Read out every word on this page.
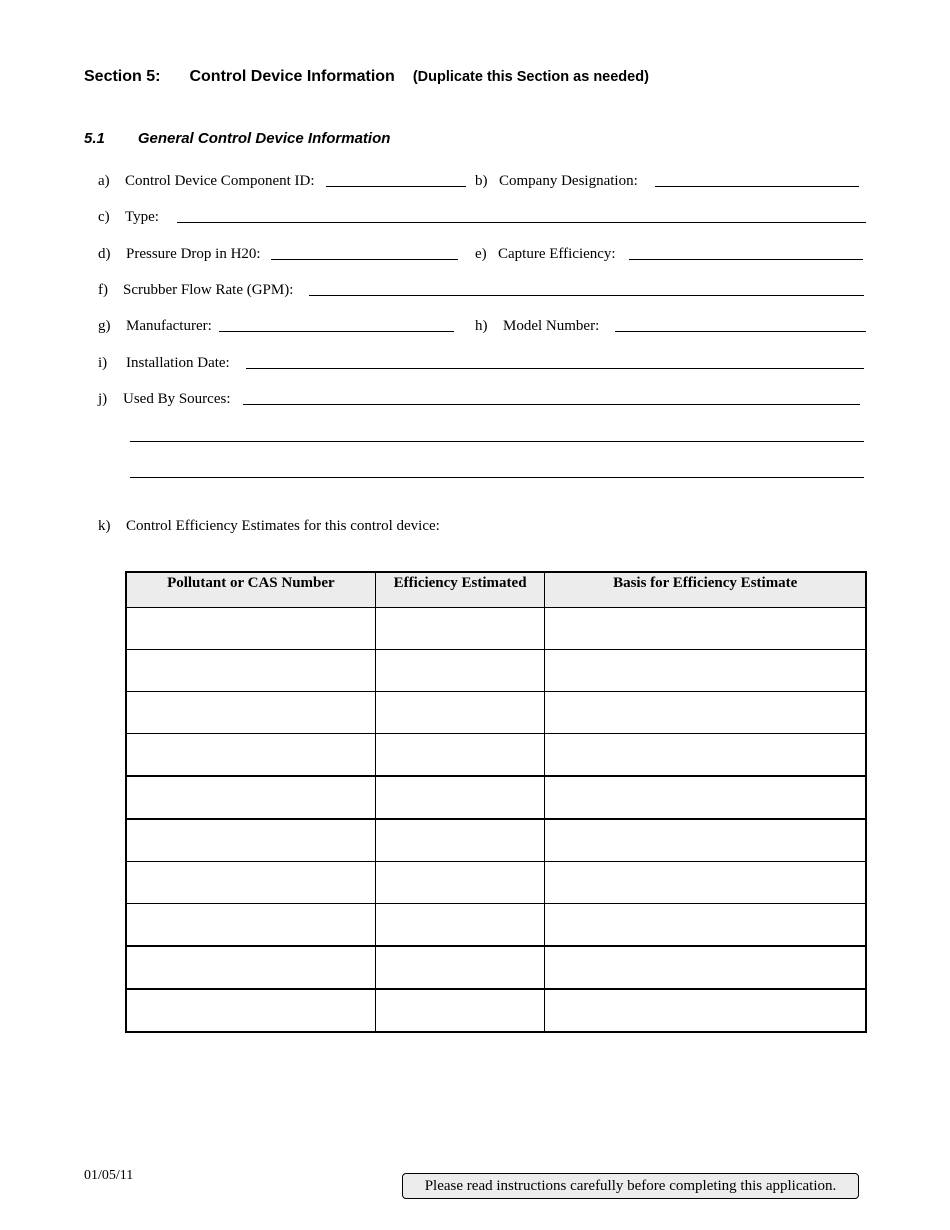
Section 5: Control Device Information (Duplicate this Section as needed)
5.1 General Control Device Information
a) Control Device Component ID:	b) Company Designation:
c) Type:
d) Pressure Drop in H20:	e) Capture Efficiency:
f) Scrubber Flow Rate (GPM):
g) Manufacturer:	h) Model Number:
i) Installation Date:
j) Used By Sources:
k) Control Efficiency Estimates for this control device:
Pollutant or CAS Number	Efficiency Estimated	Basis for Efficiency Estimate

01/05/11
Please read instructions carefully before completing this application.
